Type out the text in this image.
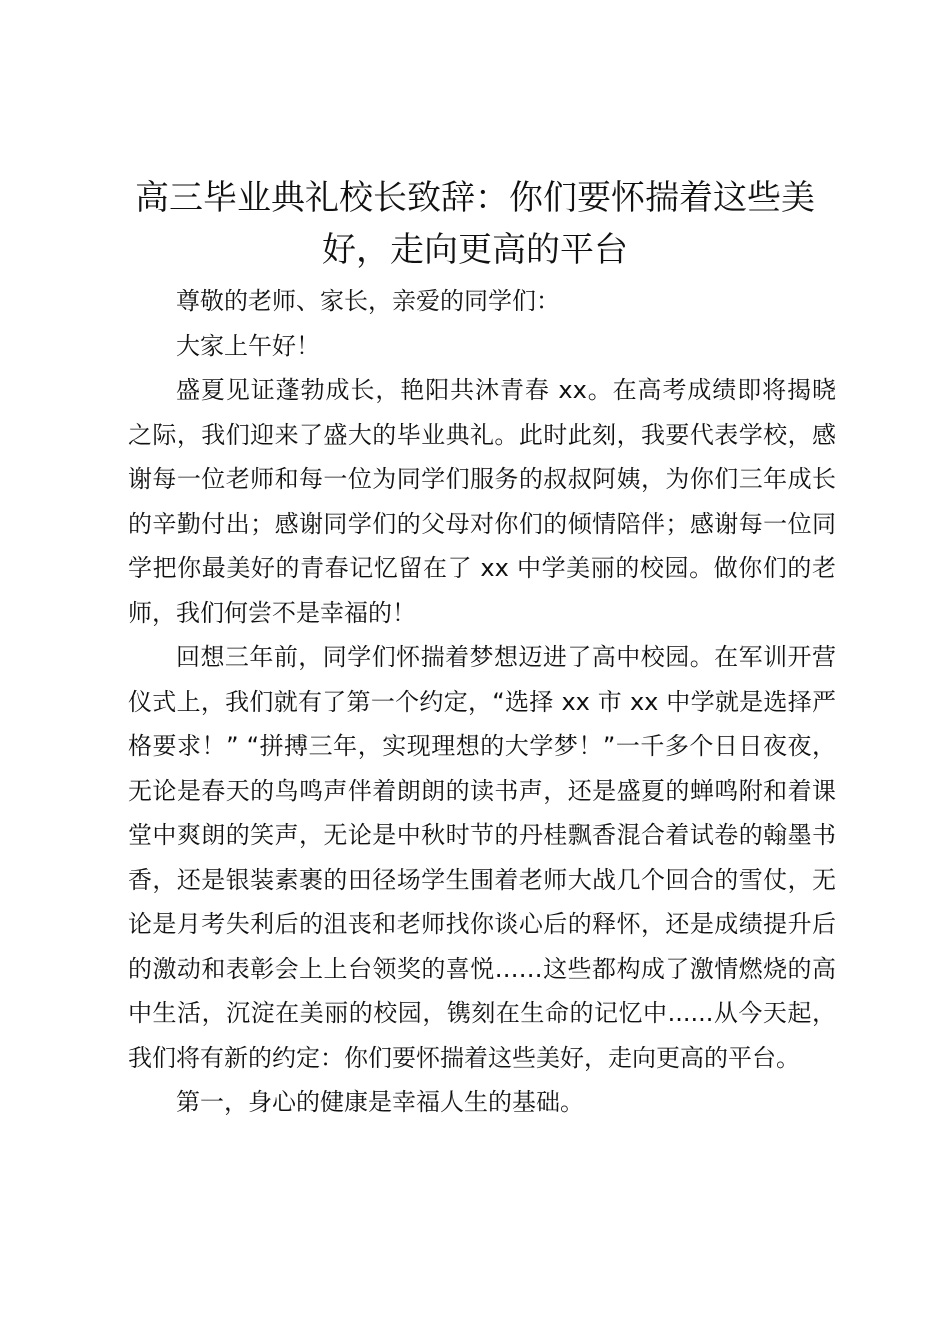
高三毕业典礼校长致辞：你们要怀揣着这些美好，走向更高的平台

尊敬的老师、家长，亲爱的同学们：

大家上午好！

盛夏见证蓬勃成长，艳阳共沐青春 xx。在高考成绩即将揭晓之际，我们迎来了盛大的毕业典礼。此时此刻，我要代表学校，感谢每一位老师和每一位为同学们服务的叔叔阿姨，为你们三年成长的辛勤付出；感谢同学们的父母对你们的倾情陪伴；感谢每一位同学把你最美好的青春记忆留在了 xx 中学美丽的校园。做你们的老师，我们何尝不是幸福的！

回想三年前，同学们怀揣着梦想迈进了高中校园。在军训开营仪式上，我们就有了第一个约定，“选择 xx 市 xx 中学就是选择严格要求！” “拼搏三年，实现理想的大学梦！”一千多个日日夜夜，无论是春天的鸟鸣声伴着朗朗的读书声，还是盛夏的蝉鸣附和着课堂中爽朗的笑声，无论是中秋时节的丹桂飘香混合着试卷的翰墨书香，还是银装素裹的田径场学生围着老师大战几个回合的雪仗，无论是月考失利后的沮丧和老师找你谈心后的释怀，还是成绩提升后的激动和表彰会上上台领奖的喜悦……这些都构成了激情燃烧的高中生活，沉淀在美丽的校园，镌刻在生命的记忆中......从今天起，我们将有新的约定：你们要怀揣着这些美好，走向更高的平台。

第一，身心的健康是幸福人生的基础。
